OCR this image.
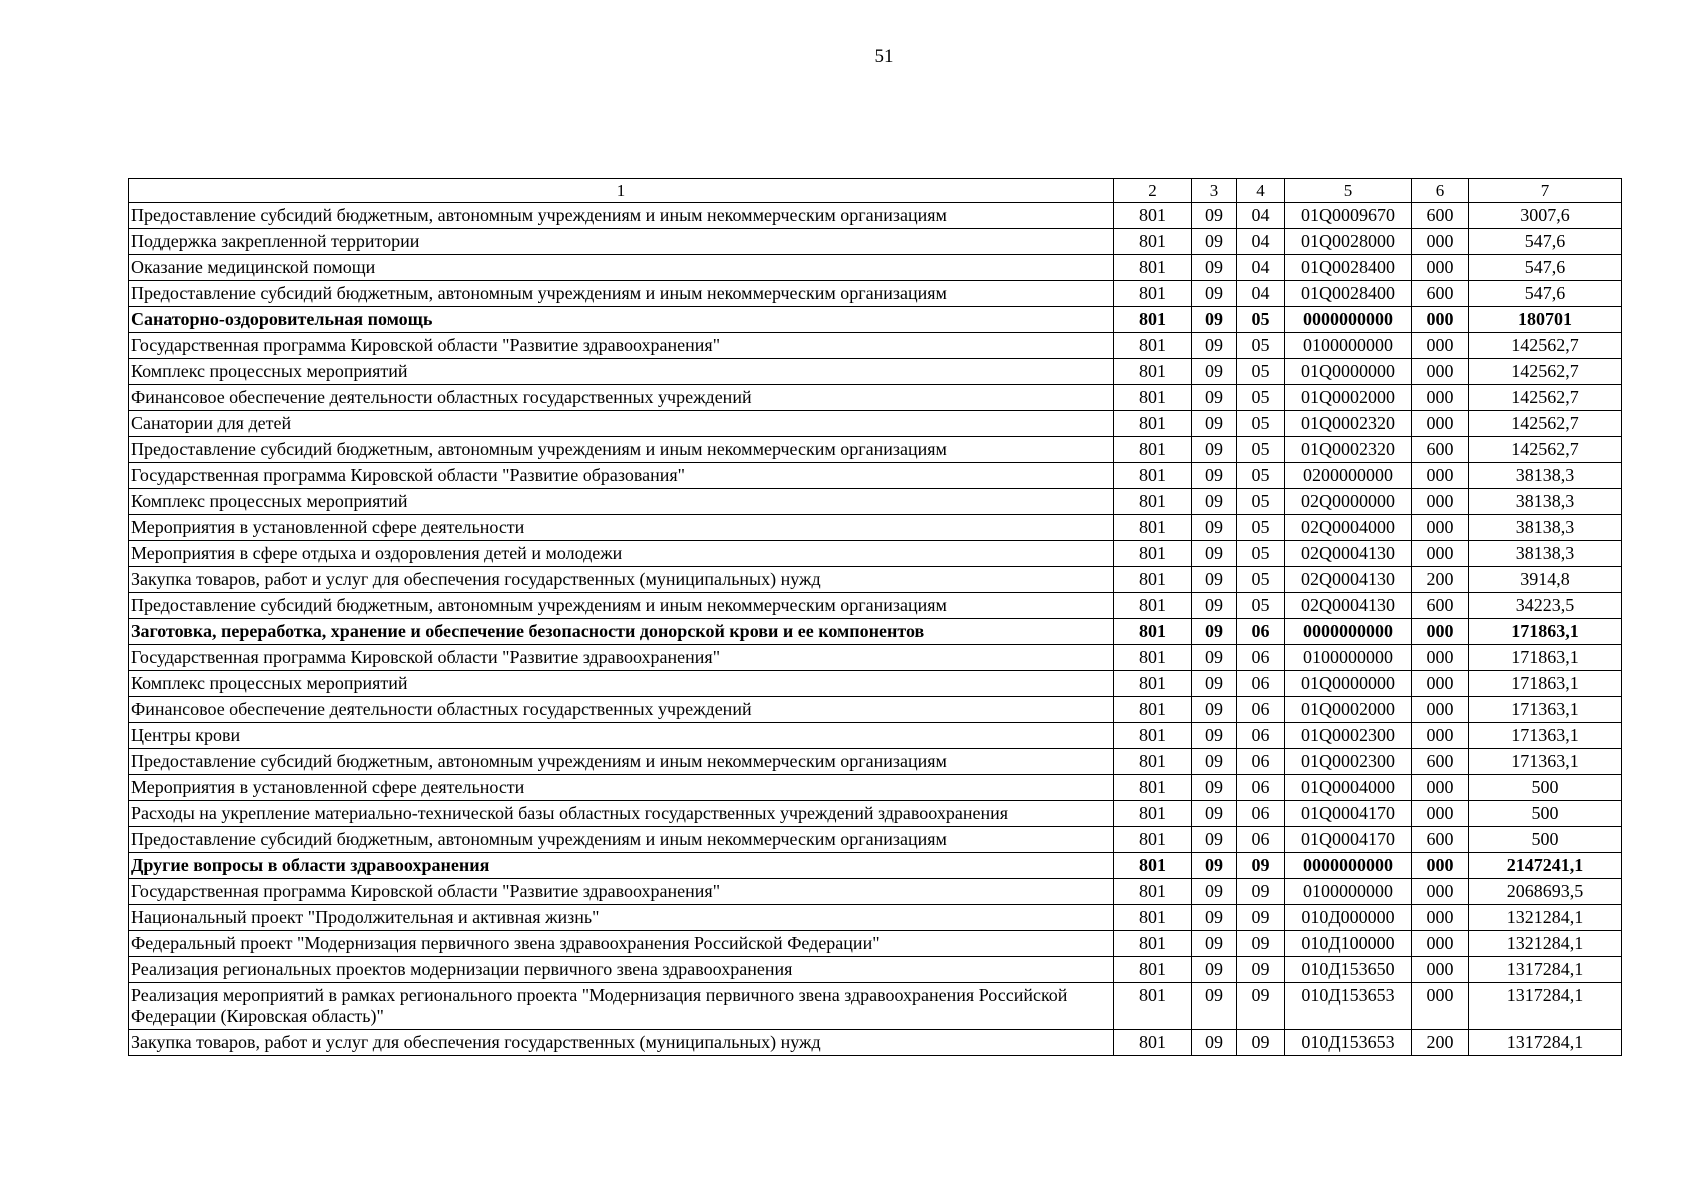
51
1	2	3	4	5	6	7
Предоставление субсидий бюджетным, автономным учреждениям и иным некоммерческим организациям	801	09	04	01Q0009670	600	3007,6
Поддержка закрепленной территории	801	09	04	01Q0028000	000	547,6
Оказание медицинской помощи	801	09	04	01Q0028400	000	547,6
Предоставление субсидий бюджетным, автономным учреждениям и иным некоммерческим организациям	801	09	04	01Q0028400	600	547,6
Санаторно-оздоровительная помощь	801	09	05	0000000000	000	180701
Государственная программа Кировской области "Развитие здравоохранения"	801	09	05	0100000000	000	142562,7
Комплекс процессных мероприятий	801	09	05	01Q0000000	000	142562,7
Финансовое обеспечение деятельности областных государственных учреждений	801	09	05	01Q0002000	000	142562,7
Санатории для детей	801	09	05	01Q0002320	000	142562,7
Предоставление субсидий бюджетным, автономным учреждениям и иным некоммерческим организациям	801	09	05	01Q0002320	600	142562,7
Государственная программа Кировской области "Развитие образования"	801	09	05	0200000000	000	38138,3
Комплекс процессных мероприятий	801	09	05	02Q0000000	000	38138,3
Мероприятия в установленной сфере деятельности	801	09	05	02Q0004000	000	38138,3
Мероприятия в сфере отдыха и оздоровления детей и молодежи	801	09	05	02Q0004130	000	38138,3
Закупка товаров, работ и услуг для обеспечения государственных (муниципальных) нужд	801	09	05	02Q0004130	200	3914,8
Предоставление субсидий бюджетным, автономным учреждениям и иным некоммерческим организациям	801	09	05	02Q0004130	600	34223,5
Заготовка, переработка, хранение и обеспечение безопасности донорской крови и ее компонентов	801	09	06	0000000000	000	171863,1
Государственная программа Кировской области "Развитие здравоохранения"	801	09	06	0100000000	000	171863,1
Комплекс процессных мероприятий	801	09	06	01Q0000000	000	171863,1
Финансовое обеспечение деятельности областных государственных учреждений	801	09	06	01Q0002000	000	171363,1
Центры крови	801	09	06	01Q0002300	000	171363,1
Предоставление субсидий бюджетным, автономным учреждениям и иным некоммерческим организациям	801	09	06	01Q0002300	600	171363,1
Мероприятия в установленной сфере деятельности	801	09	06	01Q0004000	000	500
Расходы на укрепление материально-технической базы областных государственных учреждений здравоохранения	801	09	06	01Q0004170	000	500
Предоставление субсидий бюджетным, автономным учреждениям и иным некоммерческим организациям	801	09	06	01Q0004170	600	500
Другие вопросы в области здравоохранения	801	09	09	0000000000	000	2147241,1
Государственная программа Кировской области "Развитие здравоохранения"	801	09	09	0100000000	000	2068693,5
Национальный проект "Продолжительная и активная жизнь"	801	09	09	010Д000000	000	1321284,1
Федеральный проект "Модернизация первичного звена здравоохранения Российской Федерации"	801	09	09	010Д100000	000	1321284,1
Реализация региональных проектов модернизации первичного звена здравоохранения	801	09	09	010Д153650	000	1317284,1
Реализация мероприятий в рамках регионального проекта "Модернизация первичного звена здравоохранения Российской Федерации (Кировская область)"	801	09	09	010Д153653	000	1317284,1
Закупка товаров, работ и услуг для обеспечения государственных (муниципальных) нужд	801	09	09	010Д153653	200	1317284,1
